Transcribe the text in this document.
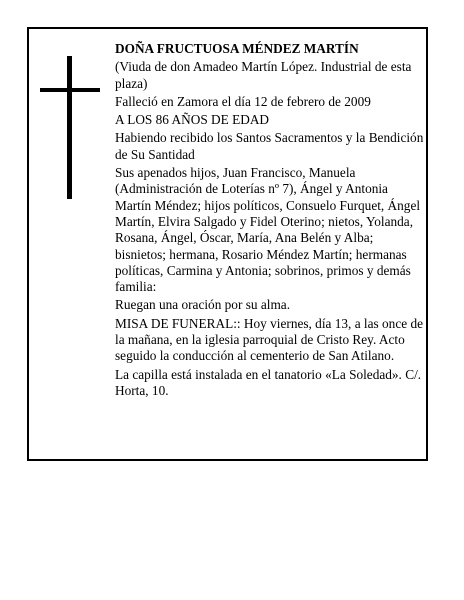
DOÑA FRUCTUOSA MÉNDEZ MARTÍN

(Viuda de don Amadeo Martín López. Industrial de esta plaza)

Falleció en Zamora el día 12 de febrero de 2009

A LOS 86 AÑOS DE EDAD

Habiendo recibido los Santos Sacramentos y la Bendición de Su Santidad

Sus apenados hijos, Juan Francisco, Manuela (Administración de Loterías nº 7), Ángel y Antonia Martín Méndez; hijos políticos, Consuelo Furquet, Ángel Martín, Elvira Salgado y Fidel Oterino; nietos, Yolanda, Rosana, Ángel, Óscar, María, Ana Belén y Alba; bisnietos; hermana, Rosario Méndez Martín; hermanas políticas, Carmina y Antonia; sobrinos, primos y demás familia:

Ruegan una oración por su alma.

MISA DE FUNERAL:: Hoy viernes, día 13, a las once de la mañana, en la iglesia parroquial de Cristo Rey. Acto seguido la conducción al cementerio de San Atilano.

La capilla está instalada en el tanatorio «La Soledad». C/. Horta, 10.
